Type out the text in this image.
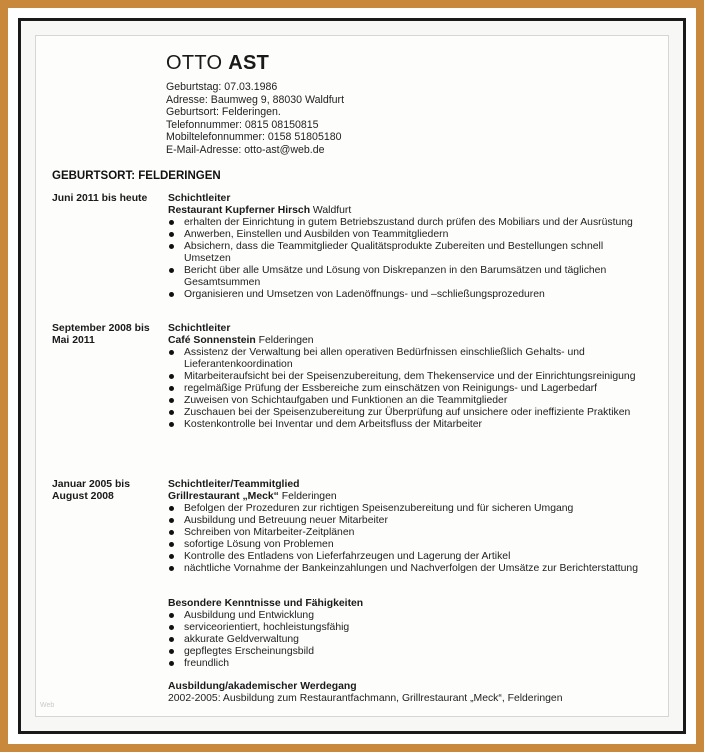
OTTO AST
Geburtstag: 07.03.1986
Adresse: Baumweg 9, 88030 Waldfurt
Geburtsort: Felderingen.
Telefonnummer: 0815 08150815
Mobiltelefonnummer: 0158 51805180
E-Mail-Adresse: otto-ast@web.de
GEBURTSORT: FELDERINGEN
Juni 2011 bis heute	Schichtleiter
Restaurant Kupferner Hirsch Waldfurt
erhalten der Einrichtung in gutem Betriebszustand durch prüfen des Mobiliars und der Ausrüstung
Anwerben, Einstellen und Ausbilden von Teammitgliedern
Absichern, dass die Teammitglieder Qualitätsprodukte Zubereiten und Bestellungen schnell Umsetzen
Bericht über alle Umsätze und Lösung von Diskrepanzen in den Barumsätzen und täglichen Gesamtsummen
Organisieren und Umsetzen von Ladenöffnungs- und –schließungsprozeduren
September 2008 bis Mai 2011
Schichtleiter
Café Sonnenstein Felderingen
Assistenz der Verwaltung bei allen operativen Bedürfnissen einschließlich Gehalts- und Lieferantenkoordination
Mitarbeiteraufsicht bei der Speisenzubereitung, dem Thekenservice und der Einrichtungsreinigung
regelmäßige Prüfung der Essbereiche zum einschätzen von Reinigungs- und Lagerbedarf
Zuweisen von Schichtaufgaben und Funktionen an die Teammitglieder
Zuschauen bei der Speisenzubereitung zur Überprüfung auf unsichere oder ineffiziente Praktiken
Kostenkontrolle bei Inventar und dem Arbeitsfluss der Mitarbeiter
Januar 2005 bis August 2008
Schichtleiter/Teammitglied
Grillrestaurant „Meck“ Felderingen
Befolgen der Prozeduren zur richtigen Speisenzubereitung und für sicheren Umgang
Ausbildung und Betreuung neuer Mitarbeiter
Schreiben von Mitarbeiter-Zeitplänen
sofortige Lösung von Problemen
Kontrolle des Entladens von Lieferfahrzeugen und Lagerung der Artikel
nächtliche Vornahme der Bankeinzahlungen und Nachverfolgen der Umsätze zur Berichterstattung
Besondere Kenntnisse und Fähigkeiten
Ausbildung und Entwicklung
serviceorientiert, hochleistungsfähig
akkurate Geldverwaltung
gepflegtes Erscheinungsbild
freundlich
Ausbildung/akademischer Werdegang
2002-2005: Ausbildung zum Restaurantfachmann, Grillrestaurant „Meck“, Felderingen
Web
